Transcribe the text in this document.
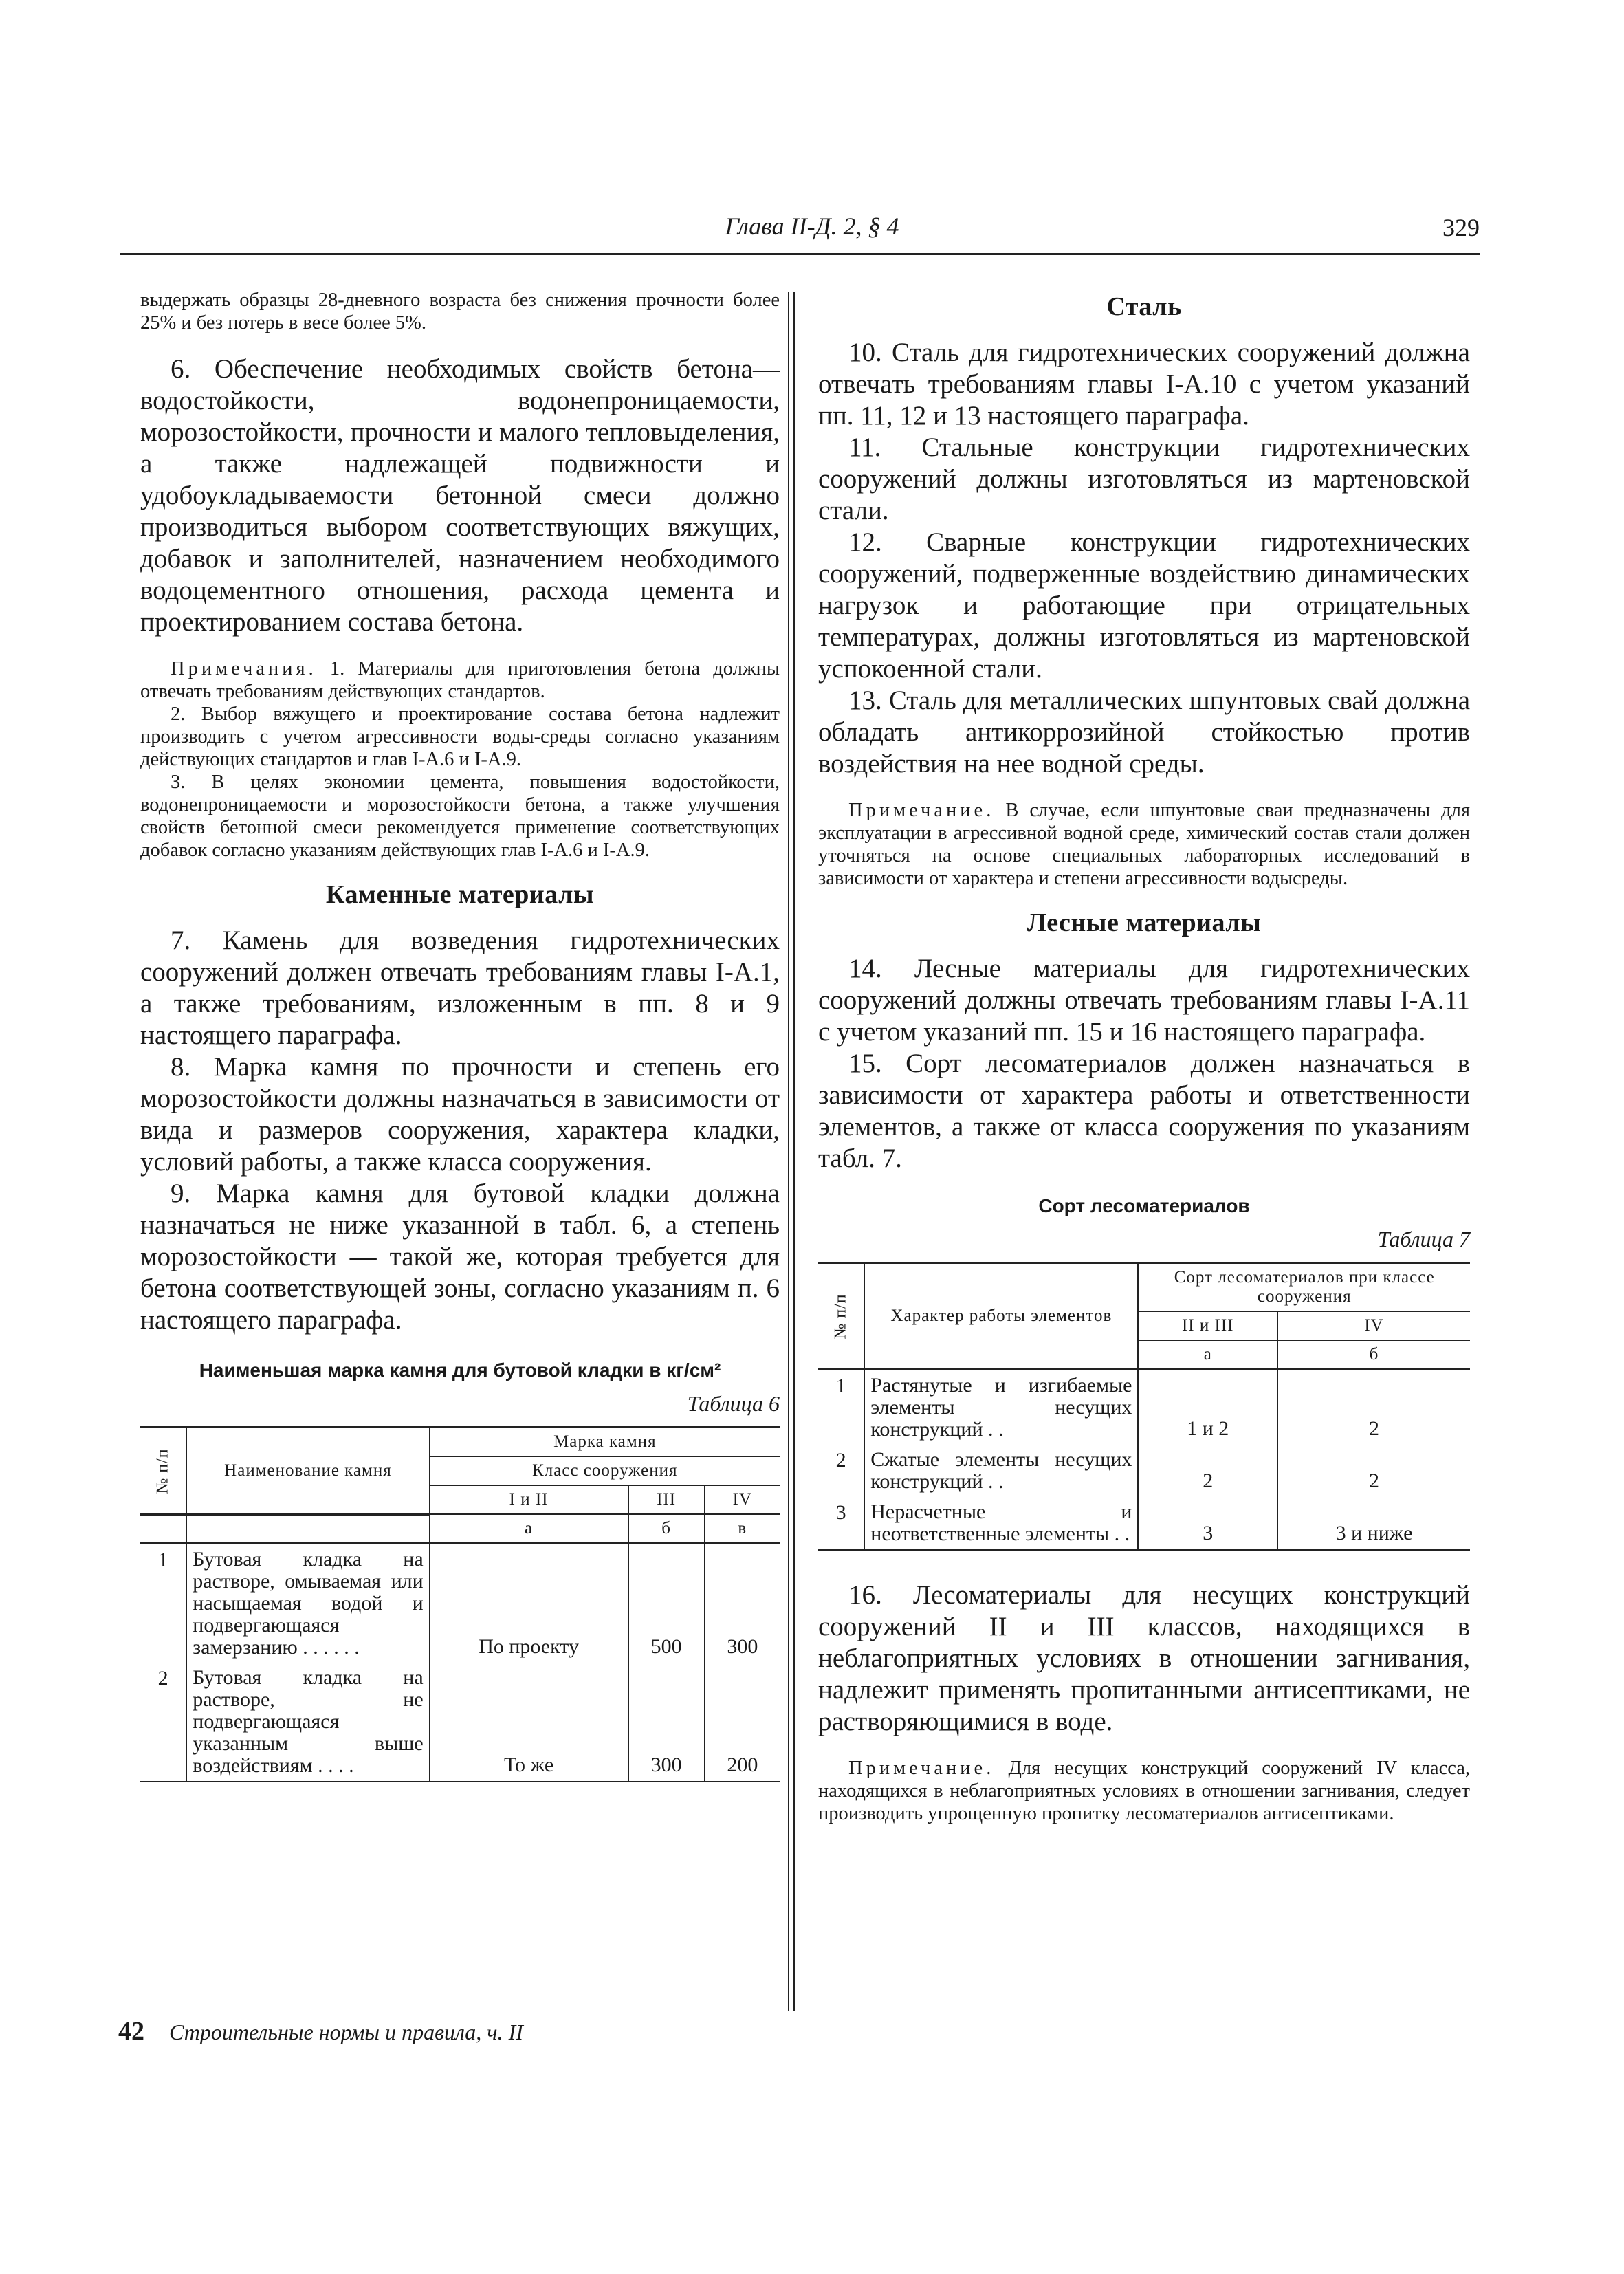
Глава II-Д. 2, § 4	329

выдержать образцы 28-дневного возраста без снижения прочности более 25% и без потерь в весе более 5%.

6. Обеспечение необходимых свойств бетона— водостойкости, водонепроницаемости, морозостойкости, прочности и малого тепловыделения, а также надлежащей подвижности и удобоукладываемости бетонной смеси должно производиться выбором соответствующих вяжущих, добавок и заполнителей, назначением необходимого водоцементного отношения, расхода цемента и проектированием состава бетона.

Примечания. 1. Материалы для приготовления бетона должны отвечать требованиям действующих стандартов.

2. Выбор вяжущего и проектирование состава бетона надлежит производить с учетом агрессивности воды-среды согласно указаниям действующих стандартов и глав I-А.6 и I-А.9.

3. В целях экономии цемента, повышения водостойкости, водонепроницаемости и морозостойкости бетона, а также улучшения свойств бетонной смеси рекомендуется применение соответствующих добавок согласно указаниям действующих глав I-А.6 и I-А.9.

Каменные материалы

7. Камень для возведения гидротехнических сооружений должен отвечать требованиям главы I-А.1, а также требованиям, изложенным в пп. 8 и 9 настоящего параграфа.

8. Марка камня по прочности и степень его морозостойкости должны назначаться в зависимости от вида и размеров сооружения, характера кладки, условий работы, а также класса сооружения.

9. Марка камня для бутовой кладки должна назначаться не ниже указанной в табл. 6, а степень морозостойкости — такой же, которая требуется для бетона соответствующей зоны, согласно указаниям п. 6 настоящего параграфа.

Наименьшая марка камня для бутовой кладки в кг/см²
Таблица 6
№ п/п	Наименование камня	Марка камня		
		Класс сооружения		
		I и II	III	IV
		а	б	в
1	Бутовая кладка на растворе, омываемая или насыщаемая водой и подвергающаяся замерзанию . . . . . .	По проекту	500	300
2	Бутовая кладка на растворе, не подвергающаяся указанным выше воздействиям . . . .	То же	300	200
Сталь

10. Сталь для гидротехнических сооружений должна отвечать требованиям главы I-А.10 с учетом указаний пп. 11, 12 и 13 настоящего параграфа.

11. Стальные конструкции гидротехнических сооружений должны изготовляться из мартеновской стали.

12. Сварные конструкции гидротехнических сооружений, подверженные воздействию динамических нагрузок и работающие при отрицательных температурах, должны изготовляться из мартеновской успокоенной стали.

13. Сталь для металлических шпунтовых свай должна обладать антикоррозийной стойкостью против воздействия на нее водной среды.

Примечание. В случае, если шпунтовые сваи предназначены для эксплуатации в агрессивной водной среде, химический состав стали должен уточняться на основе специальных лабораторных исследований в зависимости от характера и степени агрессивности водысреды.

Лесные материалы

14. Лесные материалы для гидротехнических сооружений должны отвечать требованиям главы I-А.11 с учетом указаний пп. 15 и 16 настоящего параграфа.

15. Сорт лесоматериалов должен назначаться в зависимости от характера работы и ответственности элементов, а также от класса сооружения по указаниям табл. 7.

Сорт лесоматериалов
Таблица 7
№ п/п	Характер работы элементов	Сорт лесоматериалов при классе сооружения	
		II и III	IV
		а	б
1	Растянутые и изгибаемые элементы несущих конструкций . .	1 и 2	2
2	Сжатые элементы несущих конструкций . .	2	2
3	Нерасчетные и неответственные элементы . .	3	3 и ниже

16. Лесоматериалы для несущих конструкций сооружений II и III классов, находящихся в неблагоприятных условиях в отношении загнивания, надлежит применять пропитанными антисептиками, не растворяющимися в воде.

Примечание. Для несущих конструкций сооружений IV класса, находящихся в неблагоприятных условиях в отношении загнивания, следует производить упрощенную пропитку лесоматериалов антисептиками.

42 Строительные нормы и правила, ч. II
